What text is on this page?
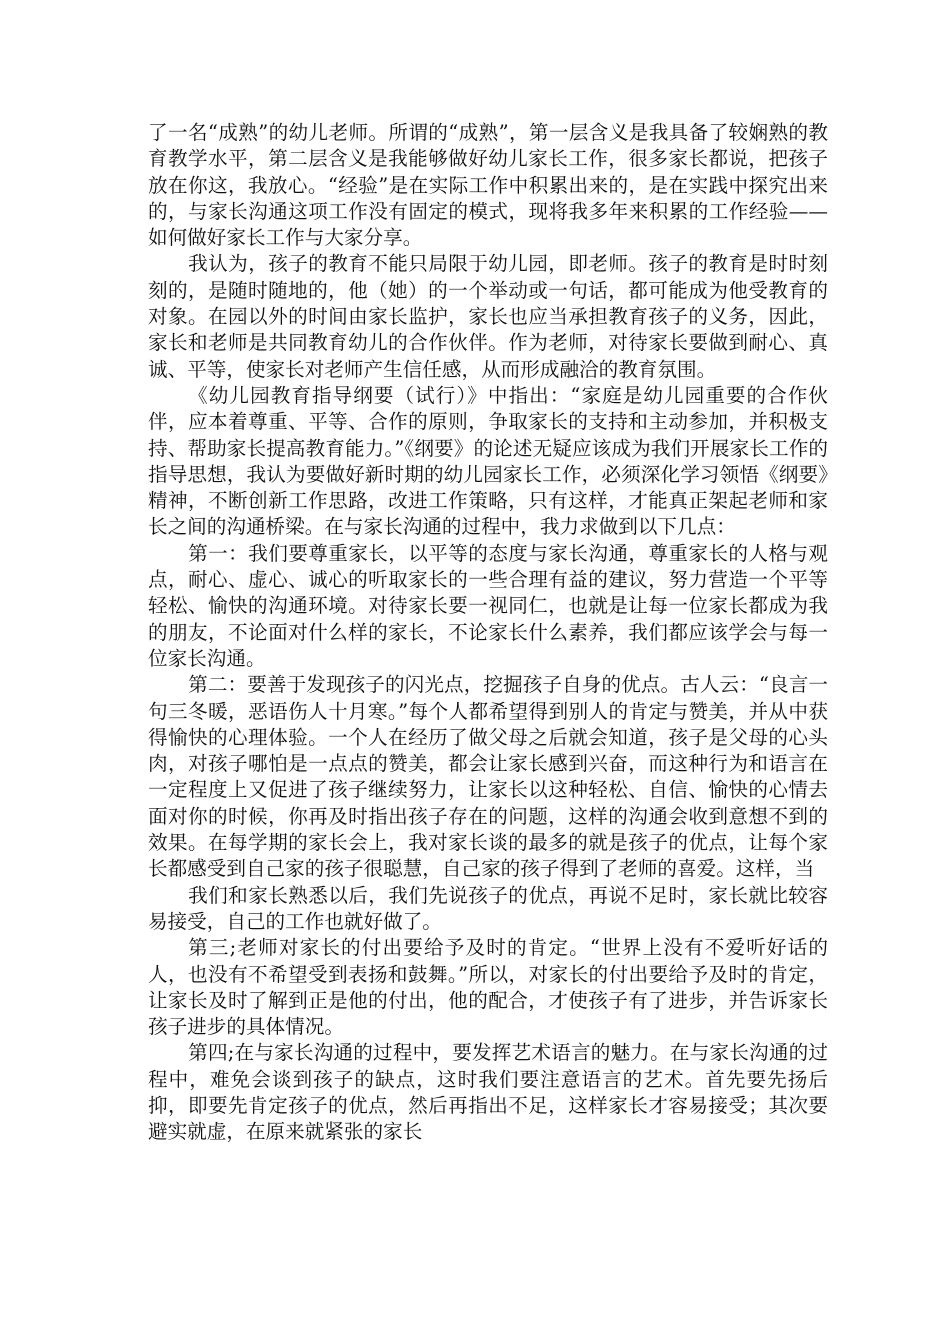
了一名“成熟”的幼儿老师。所谓的“成熟”，第一层含义是我具备了较娴熟的教育教学水平，第二层含义是我能够做好幼儿家长工作，很多家长都说，把孩子放在你这，我放心。“经验”是在实际工作中积累出来的，是在实践中探究出来的，与家长沟通这项工作没有固定的模式，现将我多年来积累的工作经验——如何做好家长工作与大家分享。

我认为，孩子的教育不能只局限于幼儿园，即老师。孩子的教育是时时刻刻的，是随时随地的，他（她）的一个举动或一句话，都可能成为他受教育的对象。在园以外的时间由家长监护，家长也应当承担教育孩子的义务，因此，家长和老师是共同教育幼儿的合作伙伴。作为老师，对待家长要做到耐心、真诚、平等，使家长对老师产生信任感，从而形成融洽的教育氛围。

《幼儿园教育指导纲要（试行）》中指出：“家庭是幼儿园重要的合作伙伴，应本着尊重、平等、合作的原则，争取家长的支持和主动参加，并积极支持、帮助家长提高教育能力。”《纲要》的论述无疑应该成为我们开展家长工作的指导思想，我认为要做好新时期的幼儿园家长工作，必须深化学习领悟《纲要》精神，不断创新工作思路，改进工作策略，只有这样，才能真正架起老师和家长之间的沟通桥梁。在与家长沟通的过程中，我力求做到以下几点：

第一：我们要尊重家长，以平等的态度与家长沟通，尊重家长的人格与观点，耐心、虚心、诚心的听取家长的一些合理有益的建议，努力营造一个平等轻松、愉快的沟通环境。对待家长要一视同仁，也就是让每一位家长都成为我的朋友，不论面对什么样的家长，不论家长什么素养，我们都应该学会与每一位家长沟通。

第二：要善于发现孩子的闪光点，挖掘孩子自身的优点。古人云：“良言一句三冬暖，恶语伤人十月寒。”每个人都希望得到别人的肯定与赞美，并从中获得愉快的心理体验。一个人在经历了做父母之后就会知道，孩子是父母的心头肉，对孩子哪怕是一点点的赞美，都会让家长感到兴奋，而这种行为和语言在一定程度上又促进了孩子继续努力，让家长以这种轻松、自信、愉快的心情去面对你的时候，你再及时指出孩子存在的问题，这样的沟通会收到意想不到的效果。在每学期的家长会上，我对家长谈的最多的就是孩子的优点，让每个家长都感受到自己家的孩子很聪慧，自己家的孩子得到了老师的喜爱。这样，当

我们和家长熟悉以后，我们先说孩子的优点，再说不足时，家长就比较容易接受，自己的工作也就好做了。

第三;老师对家长的付出要给予及时的肯定。“世界上没有不爱听好话的人，也没有不希望受到表扬和鼓舞。”所以，对家长的付出要给予及时的肯定，让家长及时了解到正是他的付出，他的配合，才使孩子有了进步，并告诉家长孩子进步的具体情况。

第四;在与家长沟通的过程中，要发挥艺术语言的魅力。在与家长沟通的过程中，难免会谈到孩子的缺点，这时我们要注意语言的艺术。首先要先扬后抑，即要先肯定孩子的优点，然后再指出不足，这样家长才容易接受；其次要避实就虚，在原来就紧张的家长
